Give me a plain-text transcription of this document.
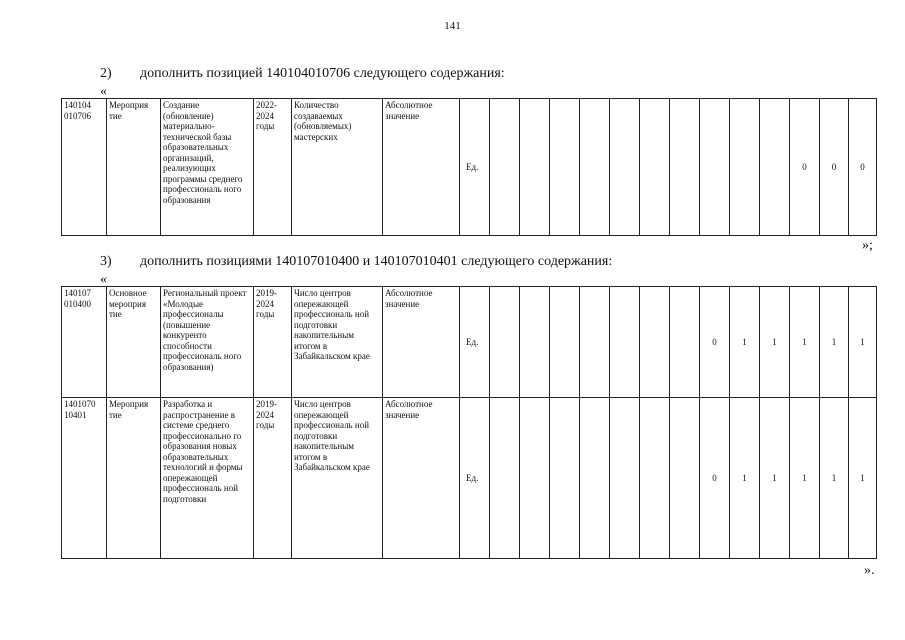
141
2) дополнить позицией 140104010706 следующего содержания:
«
140104 010706	Мероприя тие	Создание (обновление) материально-технической базы образовательных организаций, реализующих программы среднего профессиональ ного образования	2022-2024 годы	Количество создаваемых (обновляемых) мастерских	Абсолютное значение	Ед.											0	0	0
»;
3) дополнить позициями 140107010400 и 140107010401 следующего содержания:
«
140107 010400	Основное мероприя тие	Региональный проект «Молодые профессионалы (повышение конкуренто способности профессиональ ного образования)	2019-2024 годы	Число центров опережающей профессиональ ной подготовки накопительным итогом в Забайкальском крае	Абсолютное значение	Ед.								0	1	1	1	1	1
1401070 10401	Мероприя тие	Разработка и распространение в системе среднего профессионально го образования новых образовательных технологий и формы опережающей профессиональ ной подготовки	2019-2024 годы	Число центров опережающей профессиональ ной подготовки накопительным итогом в Забайкальском крае	Абсолютное значение	Ед.								0	1	1	1	1	1
».
